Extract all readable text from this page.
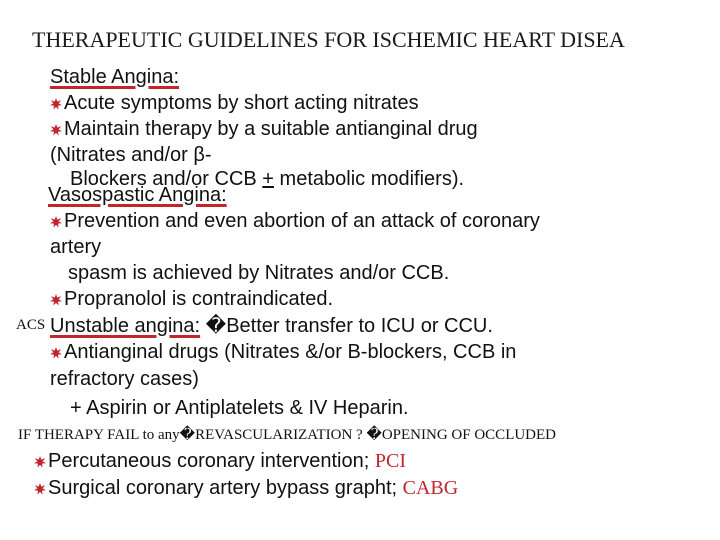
THERAPEUTIC GUIDELINES FOR ISCHEMIC HEART DISEA
Stable Angina:
Acute symptoms by short acting nitrates
Maintain therapy by a suitable antianginal drug
(Nitrates and/or β-
Blockers and/or CCB + metabolic modifiers).
Vasospastic Angina:
Prevention and even abortion of an attack of coronary
artery
spasm is achieved by Nitrates and/or CCB.
Propranolol is contraindicated.
ACS Unstable angina: �Better transfer to ICU or CCU.
Antianginal drugs (Nitrates &/or B-blockers, CCB in
refractory cases)
+ Aspirin or Antiplatelets & IV Heparin.
IF THERAPY FAIL to any�REVASCULARIZATION ? �OPENING OF OCCLUDED
Percutaneous coronary intervention; PCI
Surgical coronary artery bypass grapht; CABG
